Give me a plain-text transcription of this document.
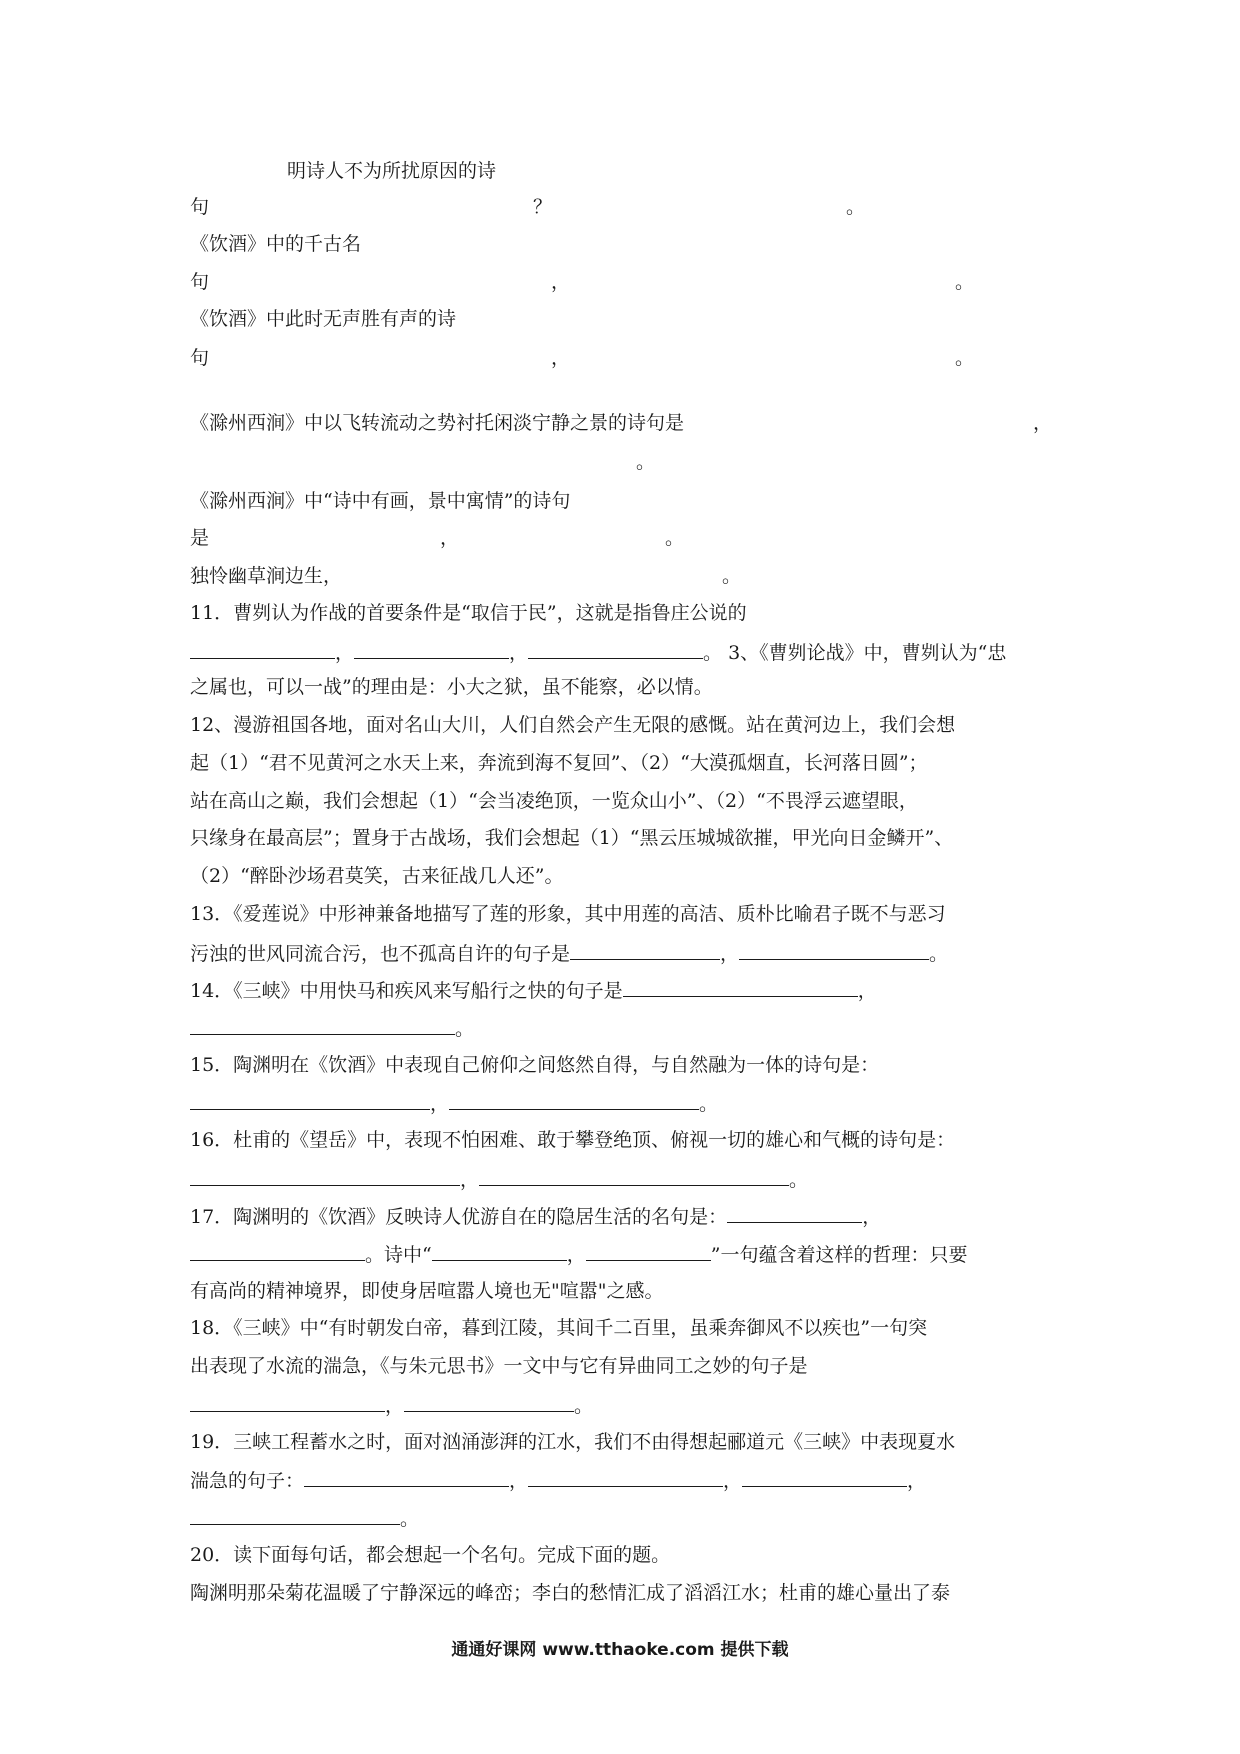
明诗人不为所扰原因的诗
句	？	。
《饮酒》中的千古名
句	，	。
《饮酒》中此时无声胜有声的诗
句	，	。
《滁州西涧》中以飞转流动之势衬托闲淡宁静之景的诗句是	，
。
《滁州西涧》中“诗中有画，景中寓情”的诗句
是	，	。
独怜幽草涧边生，	。
11．曹刿认为作战的首要条件是“取信于民”，这就是指鲁庄公说的
，	，	。 3、《曹刿论战》中，曹刿认为“忠
之属也，可以一战”的理由是：小大之狱，虽不能察，必以情。
12、漫游祖国各地，面对名山大川，人们自然会产生无限的感慨。站在黄河边上，我们会想
起（1）“君不见黄河之水天上来，奔流到海不复回”、（2）“大漠孤烟直，长河落日圆”；
站在高山之巅，我们会想起（1）“会当凌绝顶，一览众山小”、（2）“不畏浮云遮望眼，
只缘身在最高层”；置身于古战场，我们会想起（1）“黑云压城城欲摧，甲光向日金鳞开”、
（2）“醉卧沙场君莫笑，古来征战几人还”。
13．《爱莲说》中形神兼备地描写了莲的形象，其中用莲的高洁、质朴比喻君子既不与恶习
污浊的世风同流合污，也不孤高自许的句子是	，	。
14．《三峡》中用快马和疾风来写船行之快的句子是	，
。
15．陶渊明在《饮酒》中表现自己俯仰之间悠然自得，与自然融为一体的诗句是：
，	。
16．杜甫的《望岳》中，表现不怕困难、敢于攀登绝顶、俯视一切的雄心和气概的诗句是：
，	。
17．陶渊明的《饮酒》反映诗人优游自在的隐居生活的名句是：	，
。诗中“	，	”一句蕴含着这样的哲理：只要
有高尚的精神境界，即使身居喧嚣人境也无"喧嚣"之感。
18．《三峡》中“有时朝发白帝，暮到江陵，其间千二百里，虽乘奔御风不以疾也”一句突
出表现了水流的湍急，《与朱元思书》一文中与它有异曲同工之妙的句子是
，	。
19．三峡工程蓄水之时，面对汹涌澎湃的江水，我们不由得想起郦道元《三峡》中表现夏水
湍急的句子：	，	，	，
。
20．读下面每句话，都会想起一个名句。完成下面的题。
陶渊明那朵菊花温暖了宁静深远的峰峦；李白的愁情汇成了滔滔江水；杜甫的雄心量出了泰
通通好课网 www.tthaoke.com 提供下载
